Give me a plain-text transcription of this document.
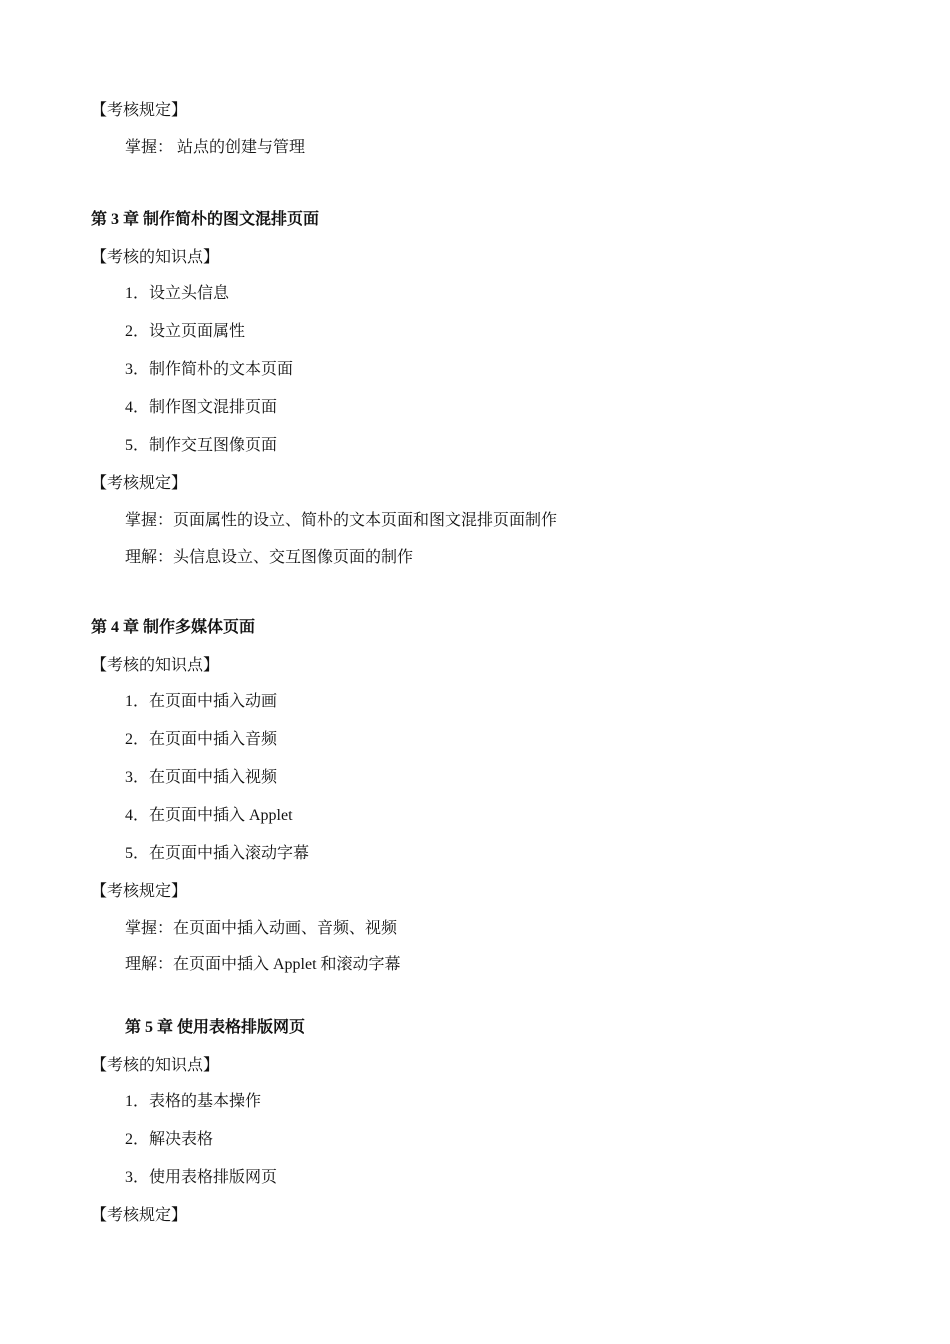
【考核规定】
掌握： 站点的创建与管理
第 3 章 制作简朴的图文混排页面
【考核的知识点】
1．设立头信息
2．设立页面属性
3．制作简朴的文本页面
4．制作图文混排页面
5．制作交互图像页面
【考核规定】
掌握：页面属性的设立、简朴的文本页面和图文混排页面制作
理解：头信息设立、交互图像页面的制作
第 4 章 制作多媒体页面
【考核的知识点】
1．在页面中插入动画
2．在页面中插入音频
3．在页面中插入视频
4．在页面中插入 Applet
5．在页面中插入滚动字幕
【考核规定】
掌握：在页面中插入动画、音频、视频
理解：在页面中插入 Applet 和滚动字幕
第 5 章 使用表格排版网页
【考核的知识点】
1．表格的基本操作
2．解决表格
3．使用表格排版网页
【考核规定】
